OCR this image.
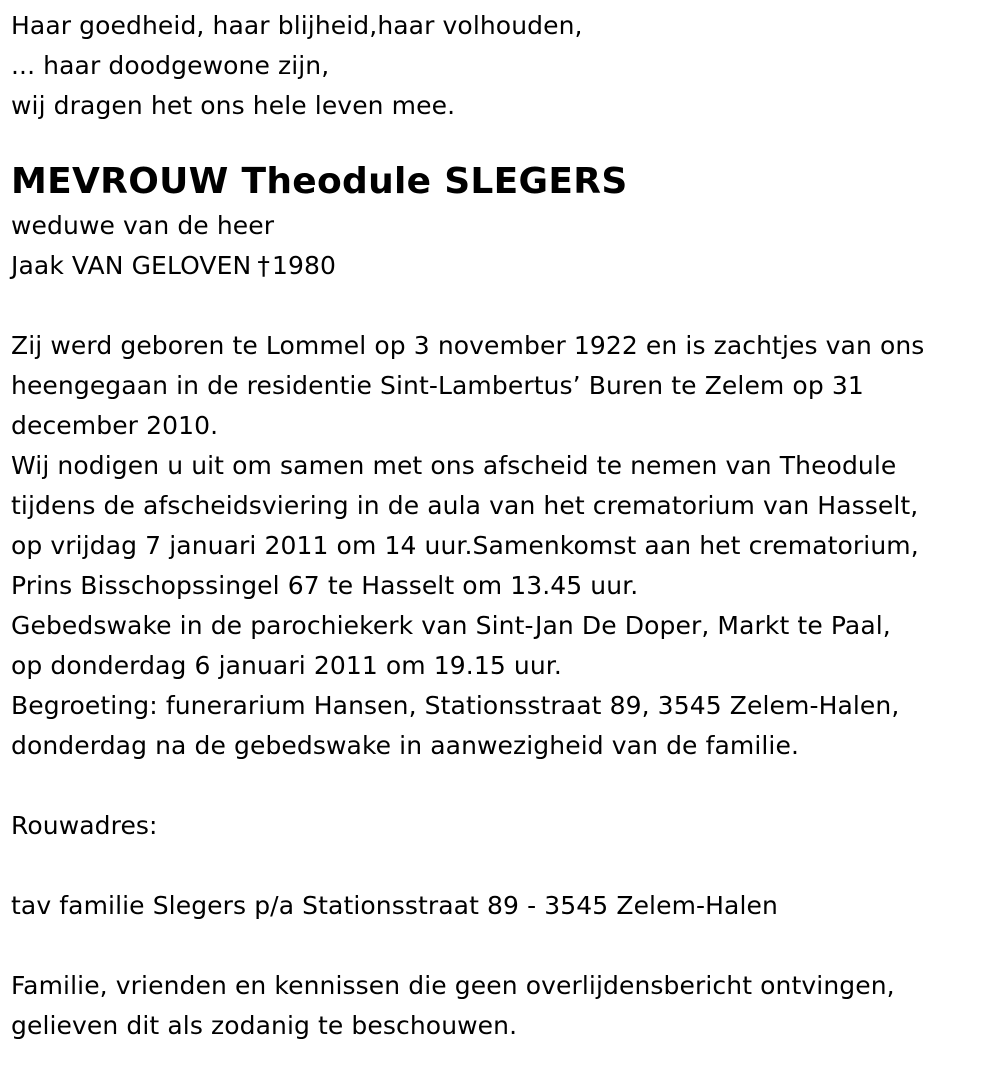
Haar goedheid, haar blijheid,haar volhouden,
... haar doodgewone zijn,
wij dragen het ons hele leven mee.
MEVROUW Theodule SLEGERS
weduwe van de heer
Jaak VAN GELOVEN †1980
Zij werd geboren te Lommel op 3 november 1922 en is zachtjes van ons
heengegaan in de residentie Sint-Lambertus’ Buren te Zelem op 31
december 2010.
Wij nodigen u uit om samen met ons afscheid te nemen van Theodule
tijdens de afscheidsviering in de aula van het crematorium van Hasselt,
op vrijdag 7 januari 2011 om 14 uur.Samenkomst aan het crematorium,
Prins Bisschopssingel 67 te Hasselt om 13.45 uur.
Gebedswake in de parochiekerk van Sint-Jan De Doper, Markt te Paal,
op donderdag 6 januari 2011 om 19.15 uur.
Begroeting: funerarium Hansen, Stationsstraat 89, 3545 Zelem-Halen,
donderdag na de gebedswake in aanwezigheid van de familie.
Rouwadres:
tav familie Slegers p/a Stationsstraat 89 - 3545 Zelem-Halen
Familie, vrienden en kennissen die geen overlijdensbericht ontvingen,
gelieven dit als zodanig te beschouwen.
